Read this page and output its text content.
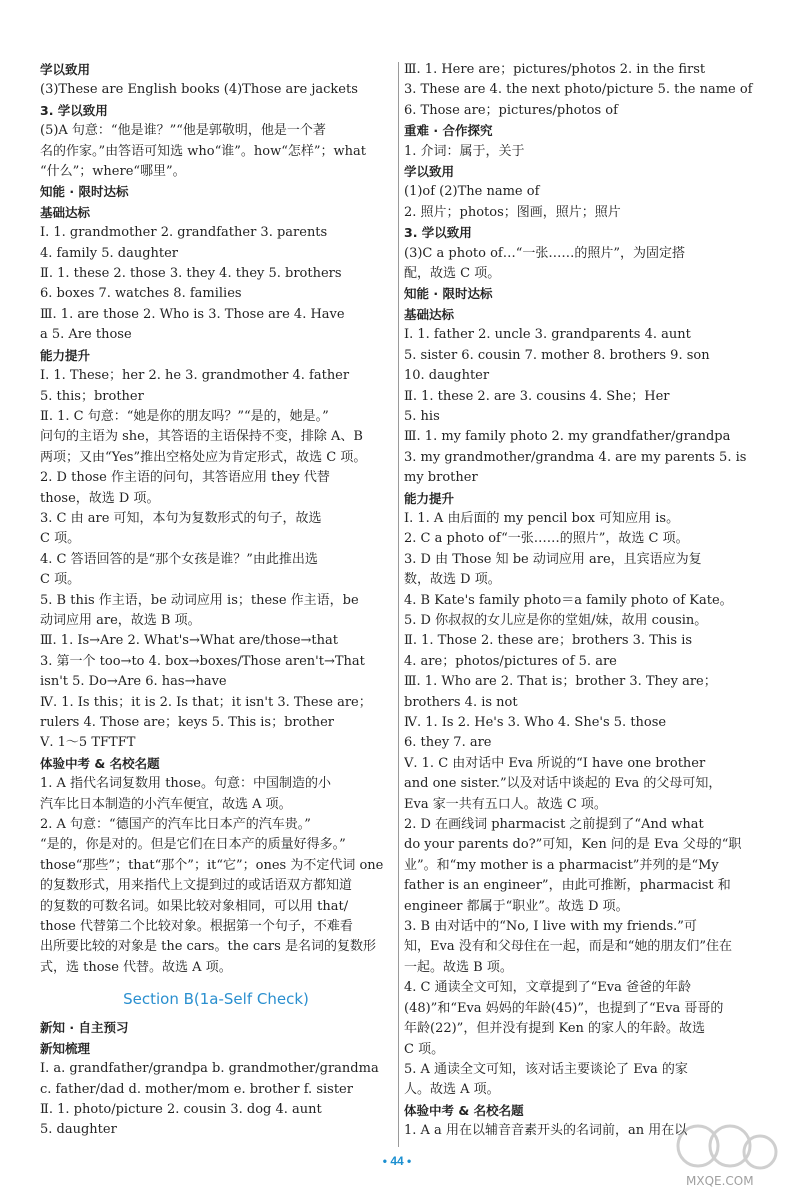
学以致用
(3)These are English books (4)Those are jackets
3. 学以致用
(5)A 句意：“他是谁？”“他是郭敬明，他是一个著
名的作家。”由答语可知选 who“谁”。how“怎样”；what
“什么”；where“哪里”。
知能 · 限时达标
基础达标
Ⅰ. 1. grandmother 2. grandfather 3. parents
4. family 5. daughter
Ⅱ. 1. these 2. those 3. they 4. they 5. brothers
6. boxes 7. watches 8. families
Ⅲ. 1. are those 2. Who is 3. Those are 4. Have
a 5. Are those
能力提升
Ⅰ. 1. These；her 2. he 3. grandmother 4. father
5. this；brother
Ⅱ. 1. C 句意：“她是你的朋友吗？”“是的，她是。”
问句的主语为 she，其答语的主语保持不变，排除 A、B
两项；又由“Yes”推出空格处应为肯定形式，故选 C 项。
2. D those 作主语的问句，其答语应用 they 代替
those，故选 D 项。
3. C 由 are 可知，本句为复数形式的句子，故选
C 项。
4. C 答语回答的是“那个女孩是谁？”由此推出选
C 项。
5. B this 作主语，be 动词应用 is；these 作主语，be
动词应用 are，故选 B 项。
Ⅲ. 1. Is→Are 2. What's→What are/those→that
3. 第一个 too→to 4. box→boxes/Those aren't→That
isn't 5. Do→Are 6. has→have
Ⅳ. 1. Is this；it is 2. Is that；it isn't 3. These are；
rulers 4. Those are；keys 5. This is；brother
Ⅴ. 1～5 TFTFT
体验中考 & 名校名题
1. A 指代名词复数用 those。句意：中国制造的小
汽车比日本制造的小汽车便宜，故选 A 项。
2. A 句意：“德国产的汽车比日本产的汽车贵。”
“是的，你是对的。但是它们在日本产的质量好得多。”
those“那些”；that“那个”；it“它”；ones 为不定代词 one
的复数形式，用来指代上文提到过的或话语双方都知道
的复数的可数名词。如果比较对象相同，可以用 that/
those 代替第二个比较对象。根据第一个句子，不难看
出所要比较的对象是 the cars。the cars 是名词的复数形
式，选 those 代替。故选 A 项。
Section B(1a-Self Check)
新知 · 自主预习
新知梳理
Ⅰ. a. grandfather/grandpa b. grandmother/grandma
c. father/dad d. mother/mom e. brother f. sister
Ⅱ. 1. photo/picture 2. cousin 3. dog 4. aunt
5. daughter
Ⅲ. 1. Here are；pictures/photos 2. in the first
3. These are 4. the next photo/picture 5. the name of
6. Those are；pictures/photos of
重难 · 合作探究
1. 介词：属于，关于
学以致用
(1)of (2)The name of
2. 照片；photos；图画，照片；照片
3. 学以致用
(3)C a photo of…“一张……的照片”，为固定搭
配，故选 C 项。
知能 · 限时达标
基础达标
Ⅰ. 1. father 2. uncle 3. grandparents 4. aunt
5. sister 6. cousin 7. mother 8. brothers 9. son
10. daughter
Ⅱ. 1. these 2. are 3. cousins 4. She；Her
5. his
Ⅲ. 1. my family photo 2. my grandfather/grandpa
3. my grandmother/grandma 4. are my parents 5. is
my brother
能力提升
Ⅰ. 1. A 由后面的 my pencil box 可知应用 is。
2. C a photo of“一张……的照片”，故选 C 项。
3. D 由 Those 知 be 动词应用 are，且宾语应为复
数，故选 D 项。
4. B Kate's family photo＝a family photo of Kate。
5. D 你叔叔的女儿应是你的堂姐/妹，故用 cousin。
Ⅱ. 1. Those 2. these are；brothers 3. This is
4. are；photos/pictures of 5. are
Ⅲ. 1. Who are 2. That is；brother 3. They are；
brothers 4. is not
Ⅳ. 1. Is 2. He's 3. Who 4. She's 5. those
6. they 7. are
Ⅴ. 1. C 由对话中 Eva 所说的“I have one brother
and one sister.”以及对话中谈起的 Eva 的父母可知，
Eva 家一共有五口人。故选 C 项。
2. D 在画线词 pharmacist 之前提到了“And what
do your parents do?”可知，Ken 问的是 Eva 父母的“职
业”。和“my mother is a pharmacist”并列的是“My
father is an engineer”，由此可推断，pharmacist 和
engineer 都属于“职业”。故选 D 项。
3. B 由对话中的“No, I live with my friends.”可
知，Eva 没有和父母住在一起，而是和“她的朋友们”住在
一起。故选 B 项。
4. C 通读全文可知，文章提到了“Eva 爸爸的年龄
(48)”和“Eva 妈妈的年龄(45)”，也提到了“Eva 哥哥的
年龄(22)”，但并没有提到 Ken 的家人的年龄。故选
C 项。
5. A 通读全文可知，该对话主要谈论了 Eva 的家
人。故选 A 项。
体验中考 & 名校名题
1. A a 用在以辅音音素开头的名词前，an 用在以
• 44 •
MXQE.COM
